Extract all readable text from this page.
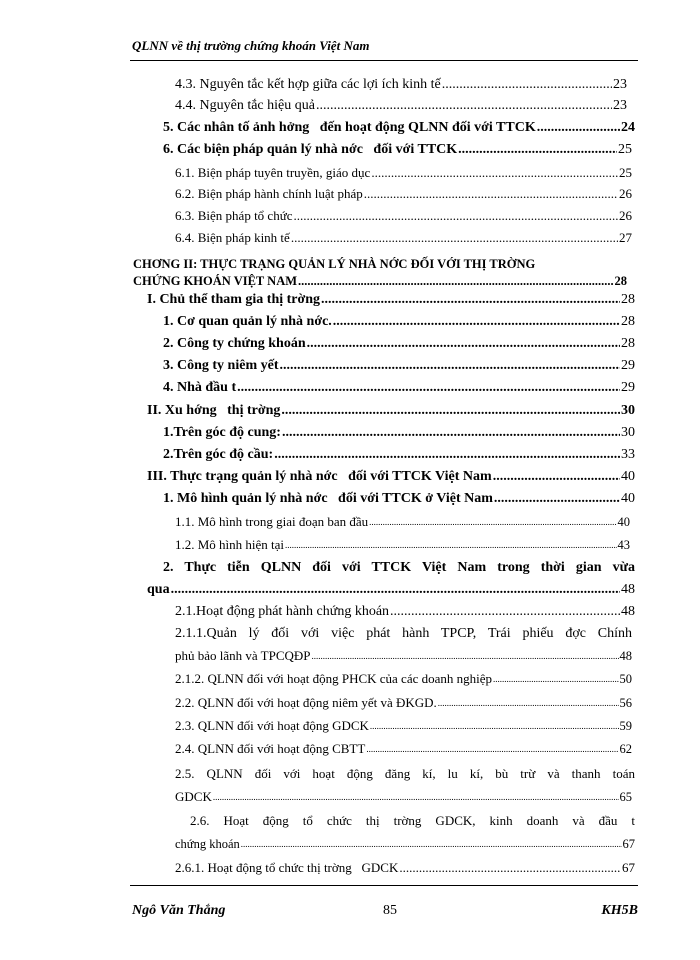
QLNN về thị trường chứng khoán Việt Nam
4.3. Nguyên tắc kết hợp giữa các lợi ích kinh tế .....	23
4.4. Nguyên tắc hiệu quả .....	23
5. Các nhân tố ảnh hởng   đến hoạt động QLNN đối với TTCK .....	24
6. Các biện pháp quản lý nhà nớc   đối với TTCK .....	25
6.1. Biện pháp tuyên truyền, giáo dục .....	25
6.2. Biện pháp hành chính luật pháp .....	26
6.3. Biện pháp tổ chức .....	26
6.4. Biện pháp kinh tế .....	27
CHƠNG II: THỰC TRẠNG QUẢN LÝ NHÀ NỚC ĐỐI VỚI THỊ TRỜNG
CHỨNG KHOÁN VIỆT NAM .....	28
I. Chủ thể tham gia thị trờng .....	28
1. Cơ quan quản lý nhà nớc. .....	28
2. Công ty chứng khoán .....	28
3. Công ty niêm yết .....	29
4. Nhà đầu t .....	29
II. Xu hớng   thị trờng .....	30
1.Trên góc độ cung: .....	30
2.Trên góc độ cầu: .....	33
III. Thực trạng quản lý nhà nớc   đối với TTCK Việt Nam .....	40
1. Mô hình quản lý nhà nớc   đối với TTCK ở Việt Nam .....	40
1.1. Mô hình trong giai đoạn ban đầu .....	40
1.2. Mô hình hiện tại .....	43
2. Thực tiễn QLNN đối với TTCK Việt Nam trong thời gian vừa
qua .....	48
2.1.Hoạt động phát hành chứng khoán .....	48
2.1.1.Quản lý đối với việc phát hành TPCP, Trái phiếu đợc Chính
phủ bảo lãnh và TPCQĐP .....	48
2.1.2. QLNN đối với hoạt động PHCK của các doanh nghiệp .....	50
2.2. QLNN đối với hoạt động niêm yết và ĐKGD. .....	56
2.3. QLNN đối với hoạt động GDCK .....	59
2.4. QLNN đối với hoạt động CBTT .....	62
2.5. QLNN đối với hoạt động đăng kí, lu kí, bù trừ và thanh toán
GDCK .....	65
2.6. Hoạt động tổ chức thị trờng GDCK, kinh doanh và đầu t
chứng khoán .....	67
2.6.1. Hoạt động tổ chức thị trờng   GDCK .....	67
Ngô Văn Thắng	85	KH5B
